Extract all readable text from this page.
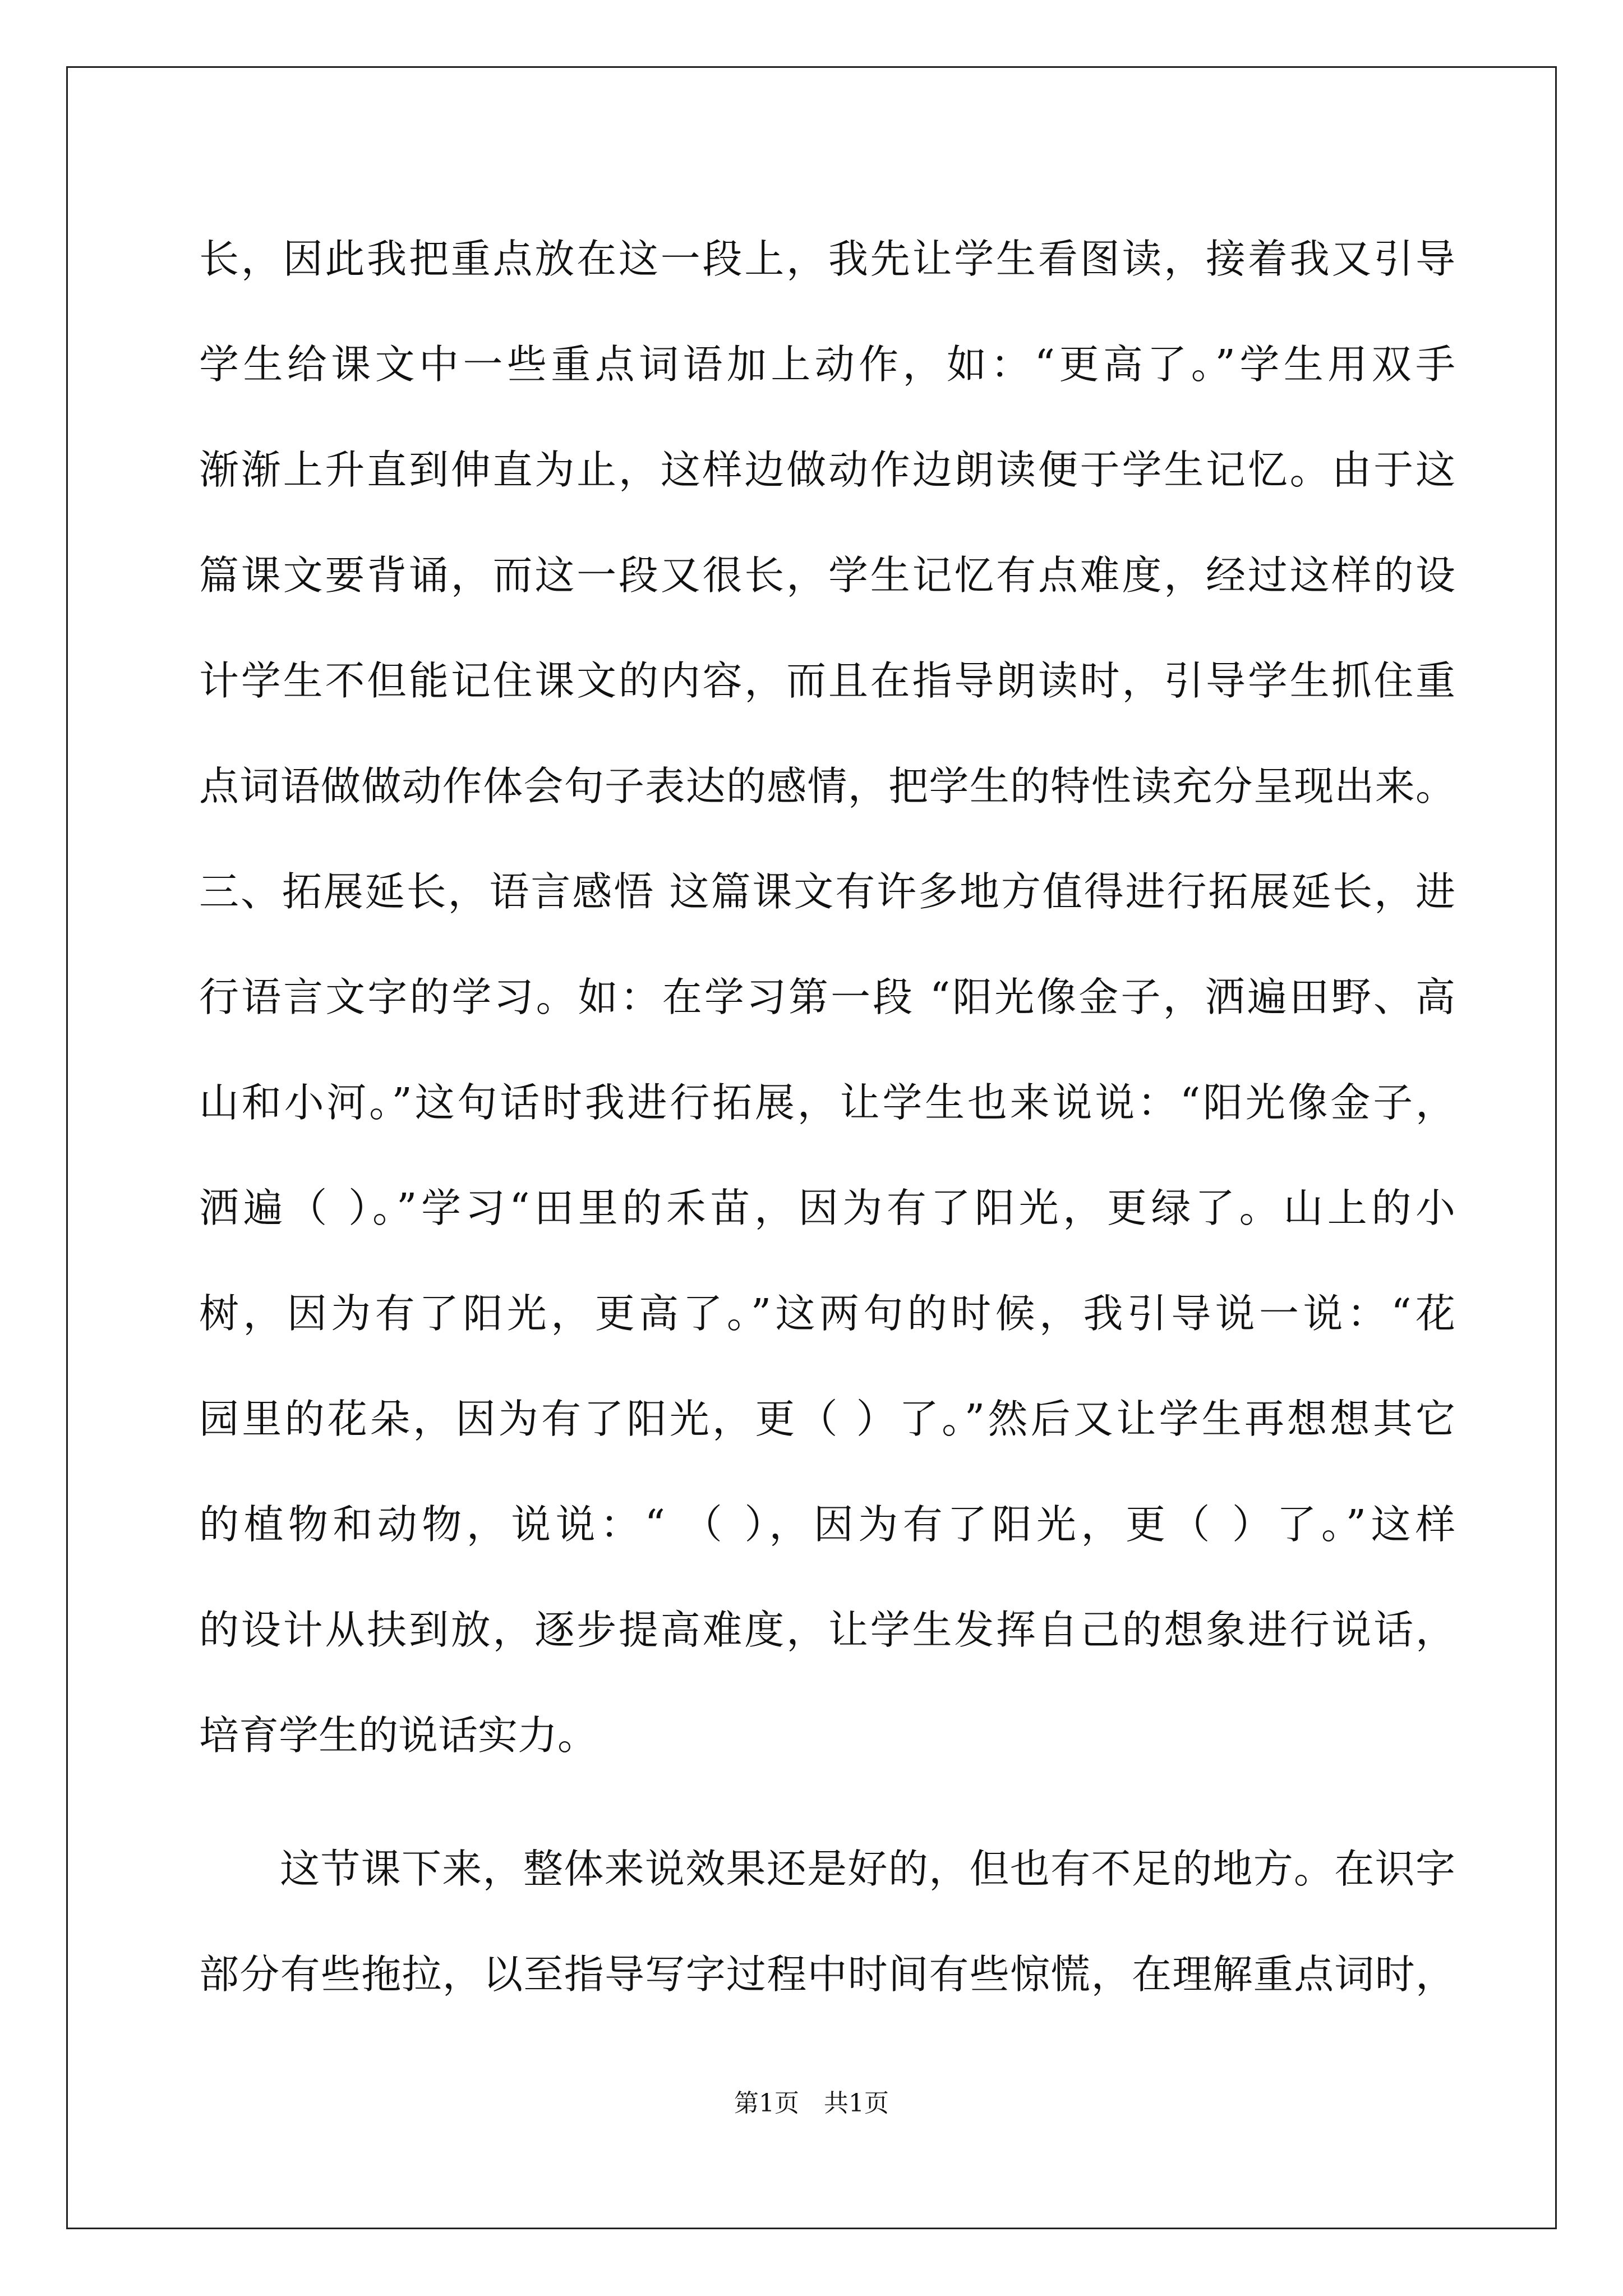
长，因此我把重点放在这一段上，我先让学生看图读，接着我又引导
学生给课文中一些重点词语加上动作，如：“更高了。”学生用双手
渐渐上升直到伸直为止，这样边做动作边朗读便于学生记忆。由于这
篇课文要背诵，而这一段又很长，学生记忆有点难度，经过这样的设
计学生不但能记住课文的内容，而且在指导朗读时，引导学生抓住重
点词语做做动作体会句子表达的感情，把学生的特性读充分呈现出来。
三、拓展延长，语言感悟 这篇课文有许多地方值得进行拓展延长，进
行语言文字的学习。如：在学习第一段 “阳光像金子，洒遍田野、高
山和小河。”这句话时我进行拓展，让学生也来说说：“阳光像金子，
洒遍（ ）。”学习“田里的禾苗，因为有了阳光，更绿了。山上的小
树，因为有了阳光，更高了。”这两句的时候，我引导说一说：“花
园里的花朵，因为有了阳光，更（ ）了。”然后又让学生再想想其它
的植物和动物，说说：“ （ ），因为有了阳光，更（ ）了。”这样
的设计从扶到放，逐步提高难度，让学生发挥自己的想象进行说话，
培育学生的说话实力。
这节课下来，整体来说效果还是好的，但也有不足的地方。在识字
部分有些拖拉，以至指导写字过程中时间有些惊慌，在理解重点词时，
第1页　共1页
